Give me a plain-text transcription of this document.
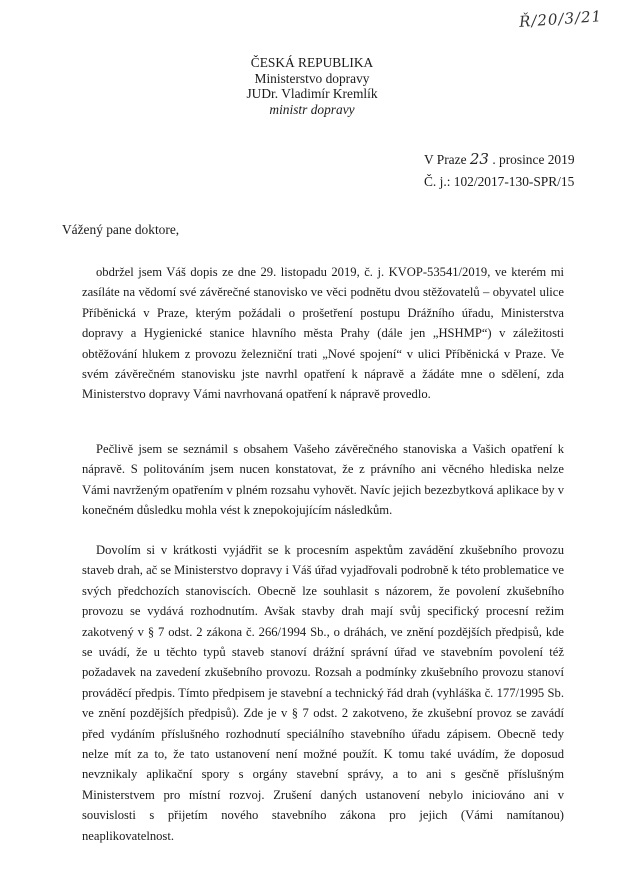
Ř/20/3/21
ČESKÁ REPUBLIKA
Ministerstvo dopravy
JUDr. Vladimír Kremlík
ministr dopravy
V Praze 23 . prosince 2019
Č. j.: 102/2017-130-SPR/15
Vážený pane doktore,

obdržel jsem Váš dopis ze dne 29. listopadu 2019, č. j. KVOP-53541/2019, ve kterém mi zasíláte na vědomí své závěrečné stanovisko ve věci podnětu dvou stěžovatelů – obyvatel ulice Příběnická v Praze, kterým požádali o prošetření postupu Drážního úřadu, Ministerstva dopravy a Hygienické stanice hlavního města Prahy (dále jen „HSHMP“) v záležitosti obtěžování hlukem z provozu železniční trati „Nové spojení“ v ulici Příběnická v Praze. Ve svém závěrečném stanovisku jste navrhl opatření k nápravě a žádáte mne o sdělení, zda Ministerstvo dopravy Vámi navrhovaná opatření k nápravě provedlo.

Pečlivě jsem se seznámil s obsahem Vašeho závěrečného stanoviska a Vašich opatření k nápravě. S politováním jsem nucen konstatovat, že z právního ani věcného hlediska nelze Vámi navrženým opatřením v plném rozsahu vyhovět. Navíc jejich bezezbytková aplikace by v konečném důsledku mohla vést k znepokojujícím následkům.

Dovolím si v krátkosti vyjádřit se k procesním aspektům zavádění zkušebního provozu staveb drah, ač se Ministerstvo dopravy i Váš úřad vyjadřovali podrobně k této problematice ve svých předchozích stanoviscích. Obecně lze souhlasit s názorem, že povolení zkušebního provozu se vydává rozhodnutím. Avšak stavby drah mají svůj specifický procesní režim zakotvený v § 7 odst. 2 zákona č. 266/1994 Sb., o dráhách, ve znění pozdějších předpisů, kde se uvádí, že u těchto typů staveb stanoví drážní správní úřad ve stavebním povolení též požadavek na zavedení zkušebního provozu. Rozsah a podmínky zkušebního provozu stanoví prováděcí předpis. Tímto předpisem je stavební a technický řád drah (vyhláška č. 177/1995 Sb. ve znění pozdějších předpisů). Zde je v § 7 odst. 2 zakotveno, že zkušební provoz se zavádí před vydáním příslušného rozhodnutí speciálního stavebního úřadu zápisem. Obecně tedy nelze mít za to, že tato ustanovení není možné použít. K tomu také uvádím, že doposud nevznikaly aplikační spory s orgány stavební správy, a to ani s gesčně příslušným Ministerstvem pro místní rozvoj. Zrušení daných ustanovení nebylo iniciováno ani v souvislosti s přijetím nového stavebního zákona pro jejich (Vámi namítanou) neaplikovatelnost.
